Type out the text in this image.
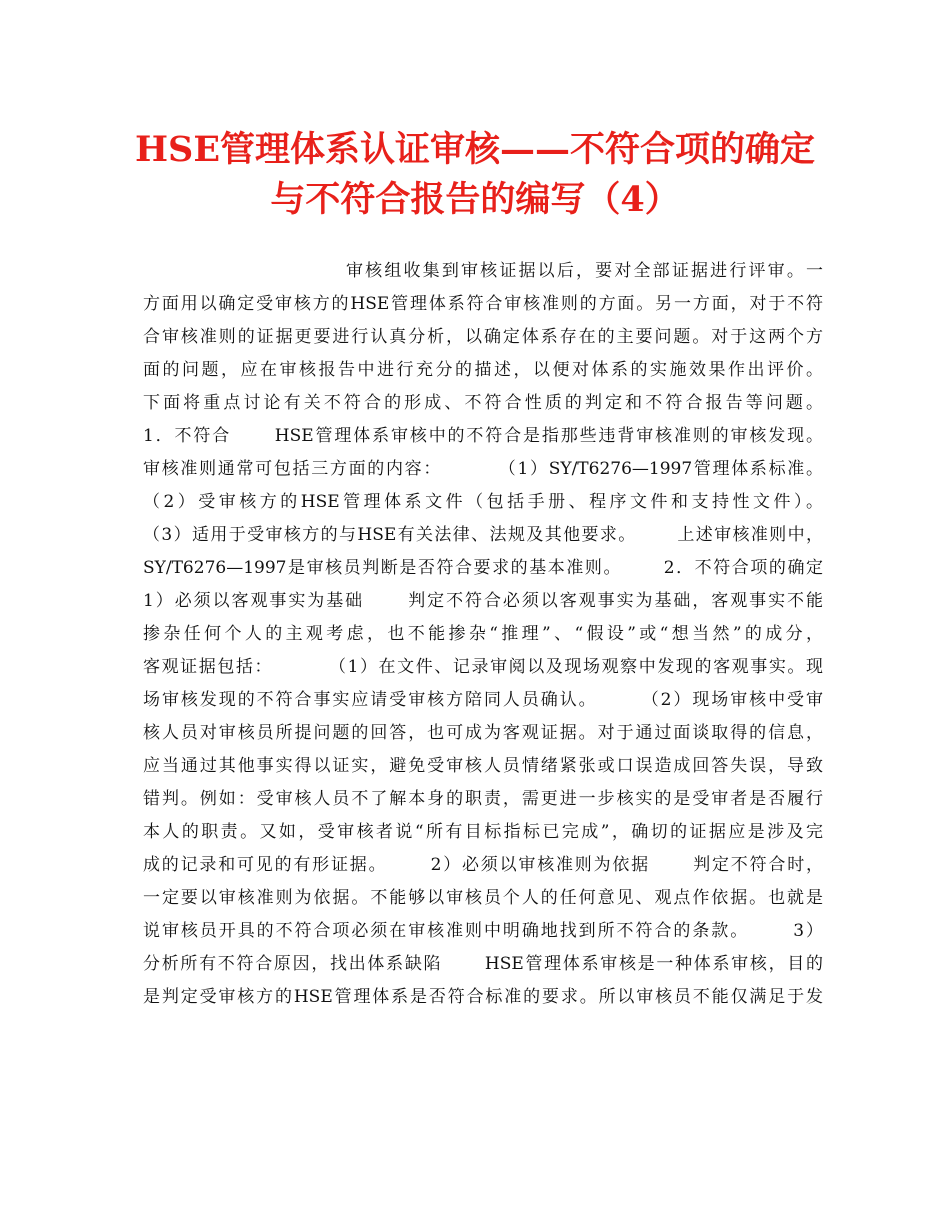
HSE管理体系认证审核——不符合项的确定
与不符合报告的编写（4）
审核组收集到审核证据以后，要对全部证据进行评审。一
方面用以确定受审核方的HSE管理体系符合审核准则的方面。另一方面，对于不符
合审核准则的证据更要进行认真分析，以确定体系存在的主要问题。对于这两个方
面的问题，应在审核报告中进行充分的描述，以便对体系的实施效果作出评价。
下面将重点讨论有关不符合的形成、不符合性质的判定和不符合报告等问题。
1．不符合      HSE管理体系审核中的不符合是指那些违背审核准则的审核发现。
审核准则通常可包括三方面的内容：        （1）SY/T6276—1997管理体系标准。
（2）受审核方的HSE管理体系文件（包括手册、程序文件和支持性文件）。
（3）适用于受审核方的与HSE有关法律、法规及其他要求。      上述审核准则中，
SY/T6276—1997是审核员判断是否符合要求的基本准则。      2．不符合项的确定
1）必须以客观事实为基础      判定不符合必须以客观事实为基础，客观事实不能
掺杂任何个人的主观考虑，也不能掺杂“推理”、“假设”或“想当然”的成分，
客观证据包括：        （1）在文件、记录审阅以及现场观察中发现的客观事实。现
场审核发现的不符合事实应请受审核方陪同人员确认。      （2）现场审核中受审
核人员对审核员所提问题的回答，也可成为客观证据。对于通过面谈取得的信息，
应当通过其他事实得以证实，避免受审核人员情绪紧张或口误造成回答失误，导致
错判。例如：受审核人员不了解本身的职责，需更进一步核实的是受审者是否履行
本人的职责。又如，受审核者说“所有目标指标已完成”，确切的证据应是涉及完
成的记录和可见的有形证据。      2）必须以审核准则为依据      判定不符合时，
一定要以审核准则为依据。不能够以审核员个人的任何意见、观点作依据。也就是
说审核员开具的不符合项必须在审核准则中明确地找到所不符合的条款。      3）
分析所有不符合原因，找出体系缺陷      HSE管理体系审核是一种体系审核，目的
是判定受审核方的HSE管理体系是否符合标准的要求。所以审核员不能仅满足于发
